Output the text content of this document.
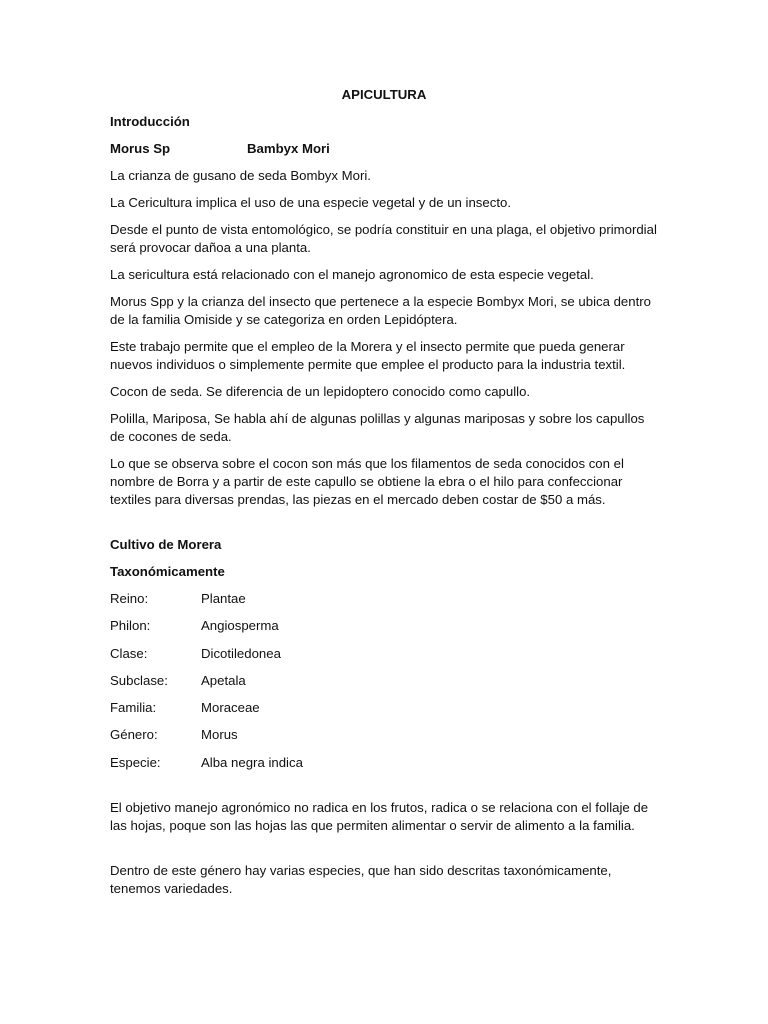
APICULTURA

Introducción

Morus Sp	Bambyx Mori

La crianza de gusano de seda Bombyx Mori.

La Cericultura implica el uso de una especie vegetal y de un insecto.

Desde el punto de vista entomológico, se podría constituir en una plaga, el objetivo primordial será provocar dañoa a una planta.

La sericultura está relacionado con el manejo agronomico de esta especie vegetal.

Morus Spp y la crianza del insecto que pertenece a la especie Bombyx Mori, se ubica dentro de la familia Omiside y se categoriza en orden Lepidóptera.

Este trabajo permite que el empleo de la Morera y el insecto permite que pueda generar nuevos individuos o simplemente permite que emplee el producto para la industria textil.

Cocon de seda. Se diferencia de un lepidoptero conocido como capullo.

Polilla, Mariposa, Se habla ahí de algunas polillas y algunas mariposas y sobre los capullos de cocones de seda.

Lo que se observa sobre el cocon son más que los filamentos de seda conocidos con el nombre de Borra y a partir de este capullo se obtiene la ebra o el hilo para confeccionar textiles para diversas prendas, las piezas en el mercado deben costar de $50 a más.

Cultivo de Morera

Taxonómicamente

Reino:	Plantae
Philon:	Angiosperma
Clase:	Dicotiledonea
Subclase:	Apetala
Familia:	Moraceae
Género:	Morus
Especie:	Alba negra indica

El objetivo manejo agronómico no radica en los frutos, radica o se relaciona con el follaje de las hojas, poque son las hojas las que permiten alimentar o servir de alimento a la familia.

Dentro de este género hay varias especies, que han sido descritas taxonómicamente, tenemos variedades.
